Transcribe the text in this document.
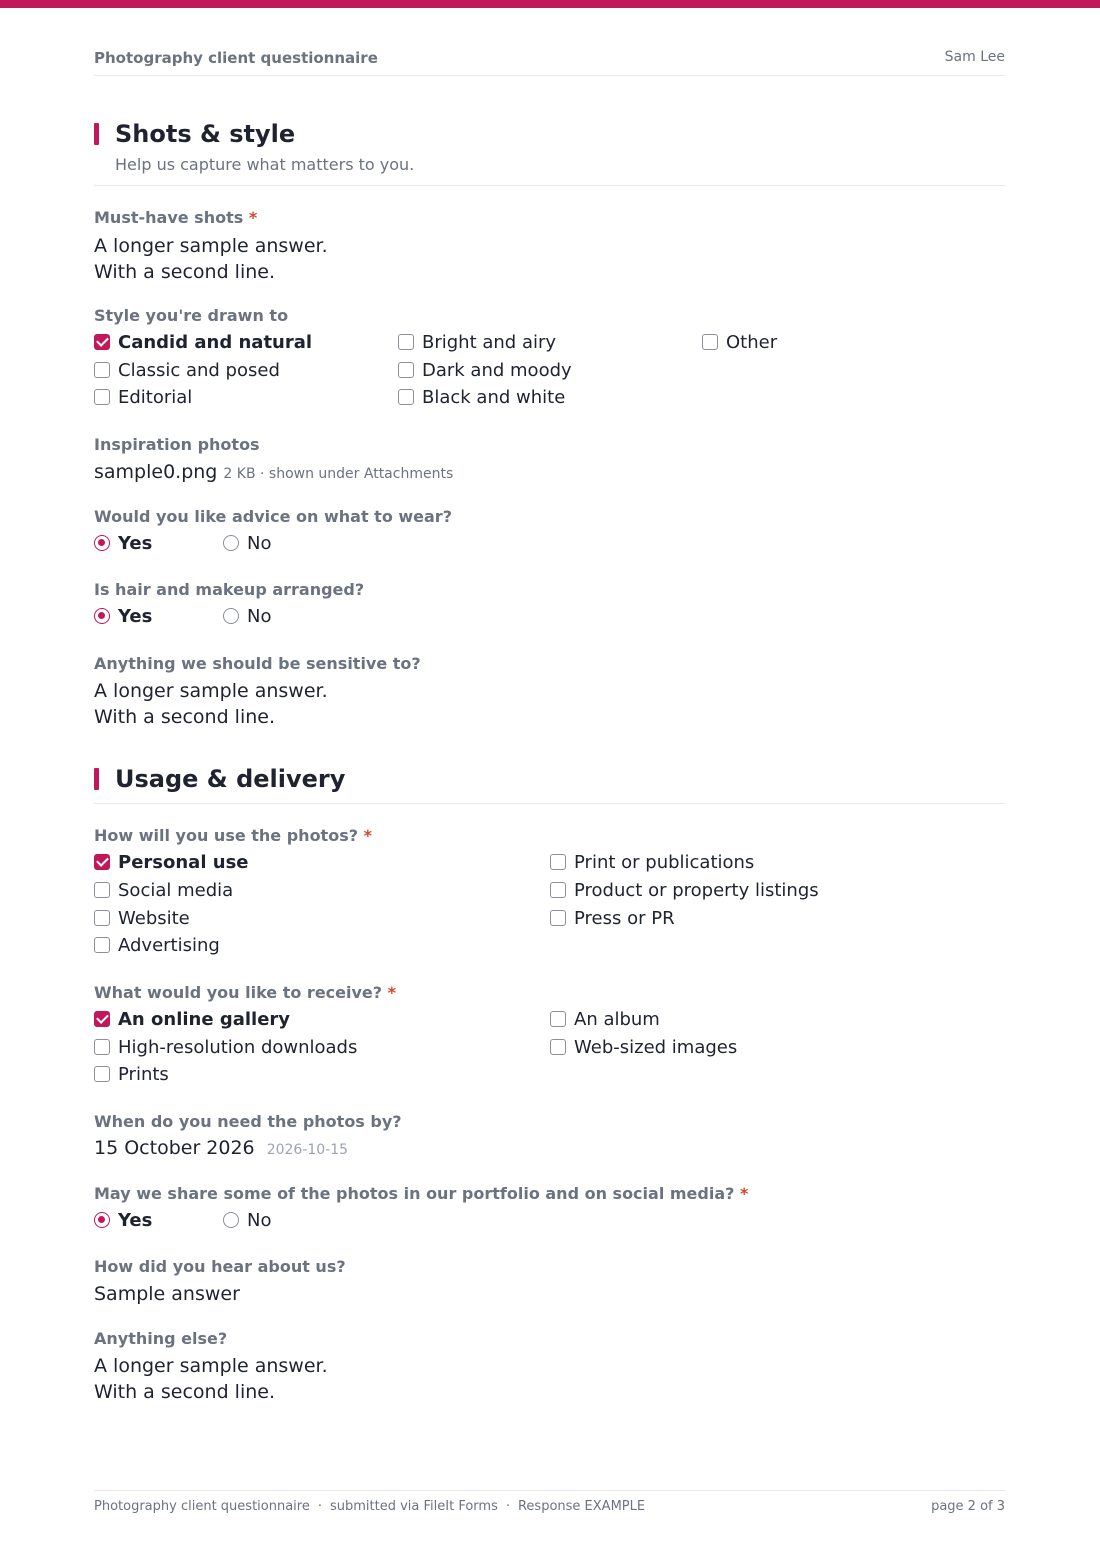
Photography client questionnaire	Sam Lee
Shots & style
Help us capture what matters to you.
Must-have shots *
A longer sample answer.
With a second line.
Style you're drawn to
Candid and natural
Classic and posed
Editorial
Bright and airy
Dark and moody
Black and white
Other
Inspiration photos
sample0.png 2 KB · shown under Attachments
Would you like advice on what to wear?
Yes	No
Is hair and makeup arranged?
Yes	No
Anything we should be sensitive to?
A longer sample answer.
With a second line.
Usage & delivery
How will you use the photos? *
Personal use
Social media
Website
Advertising
Print or publications
Product or property listings
Press or PR
What would you like to receive? *
An online gallery
High-resolution downloads
Prints
An album
Web-sized images
When do you need the photos by?
15 October 2026 2026-10-15
May we share some of the photos in our portfolio and on social media? *
Yes	No
How did you hear about us?
Sample answer
Anything else?
A longer sample answer.
With a second line.
Photography client questionnaire · submitted via FileIt Forms · Response EXAMPLE	page 2 of 3
